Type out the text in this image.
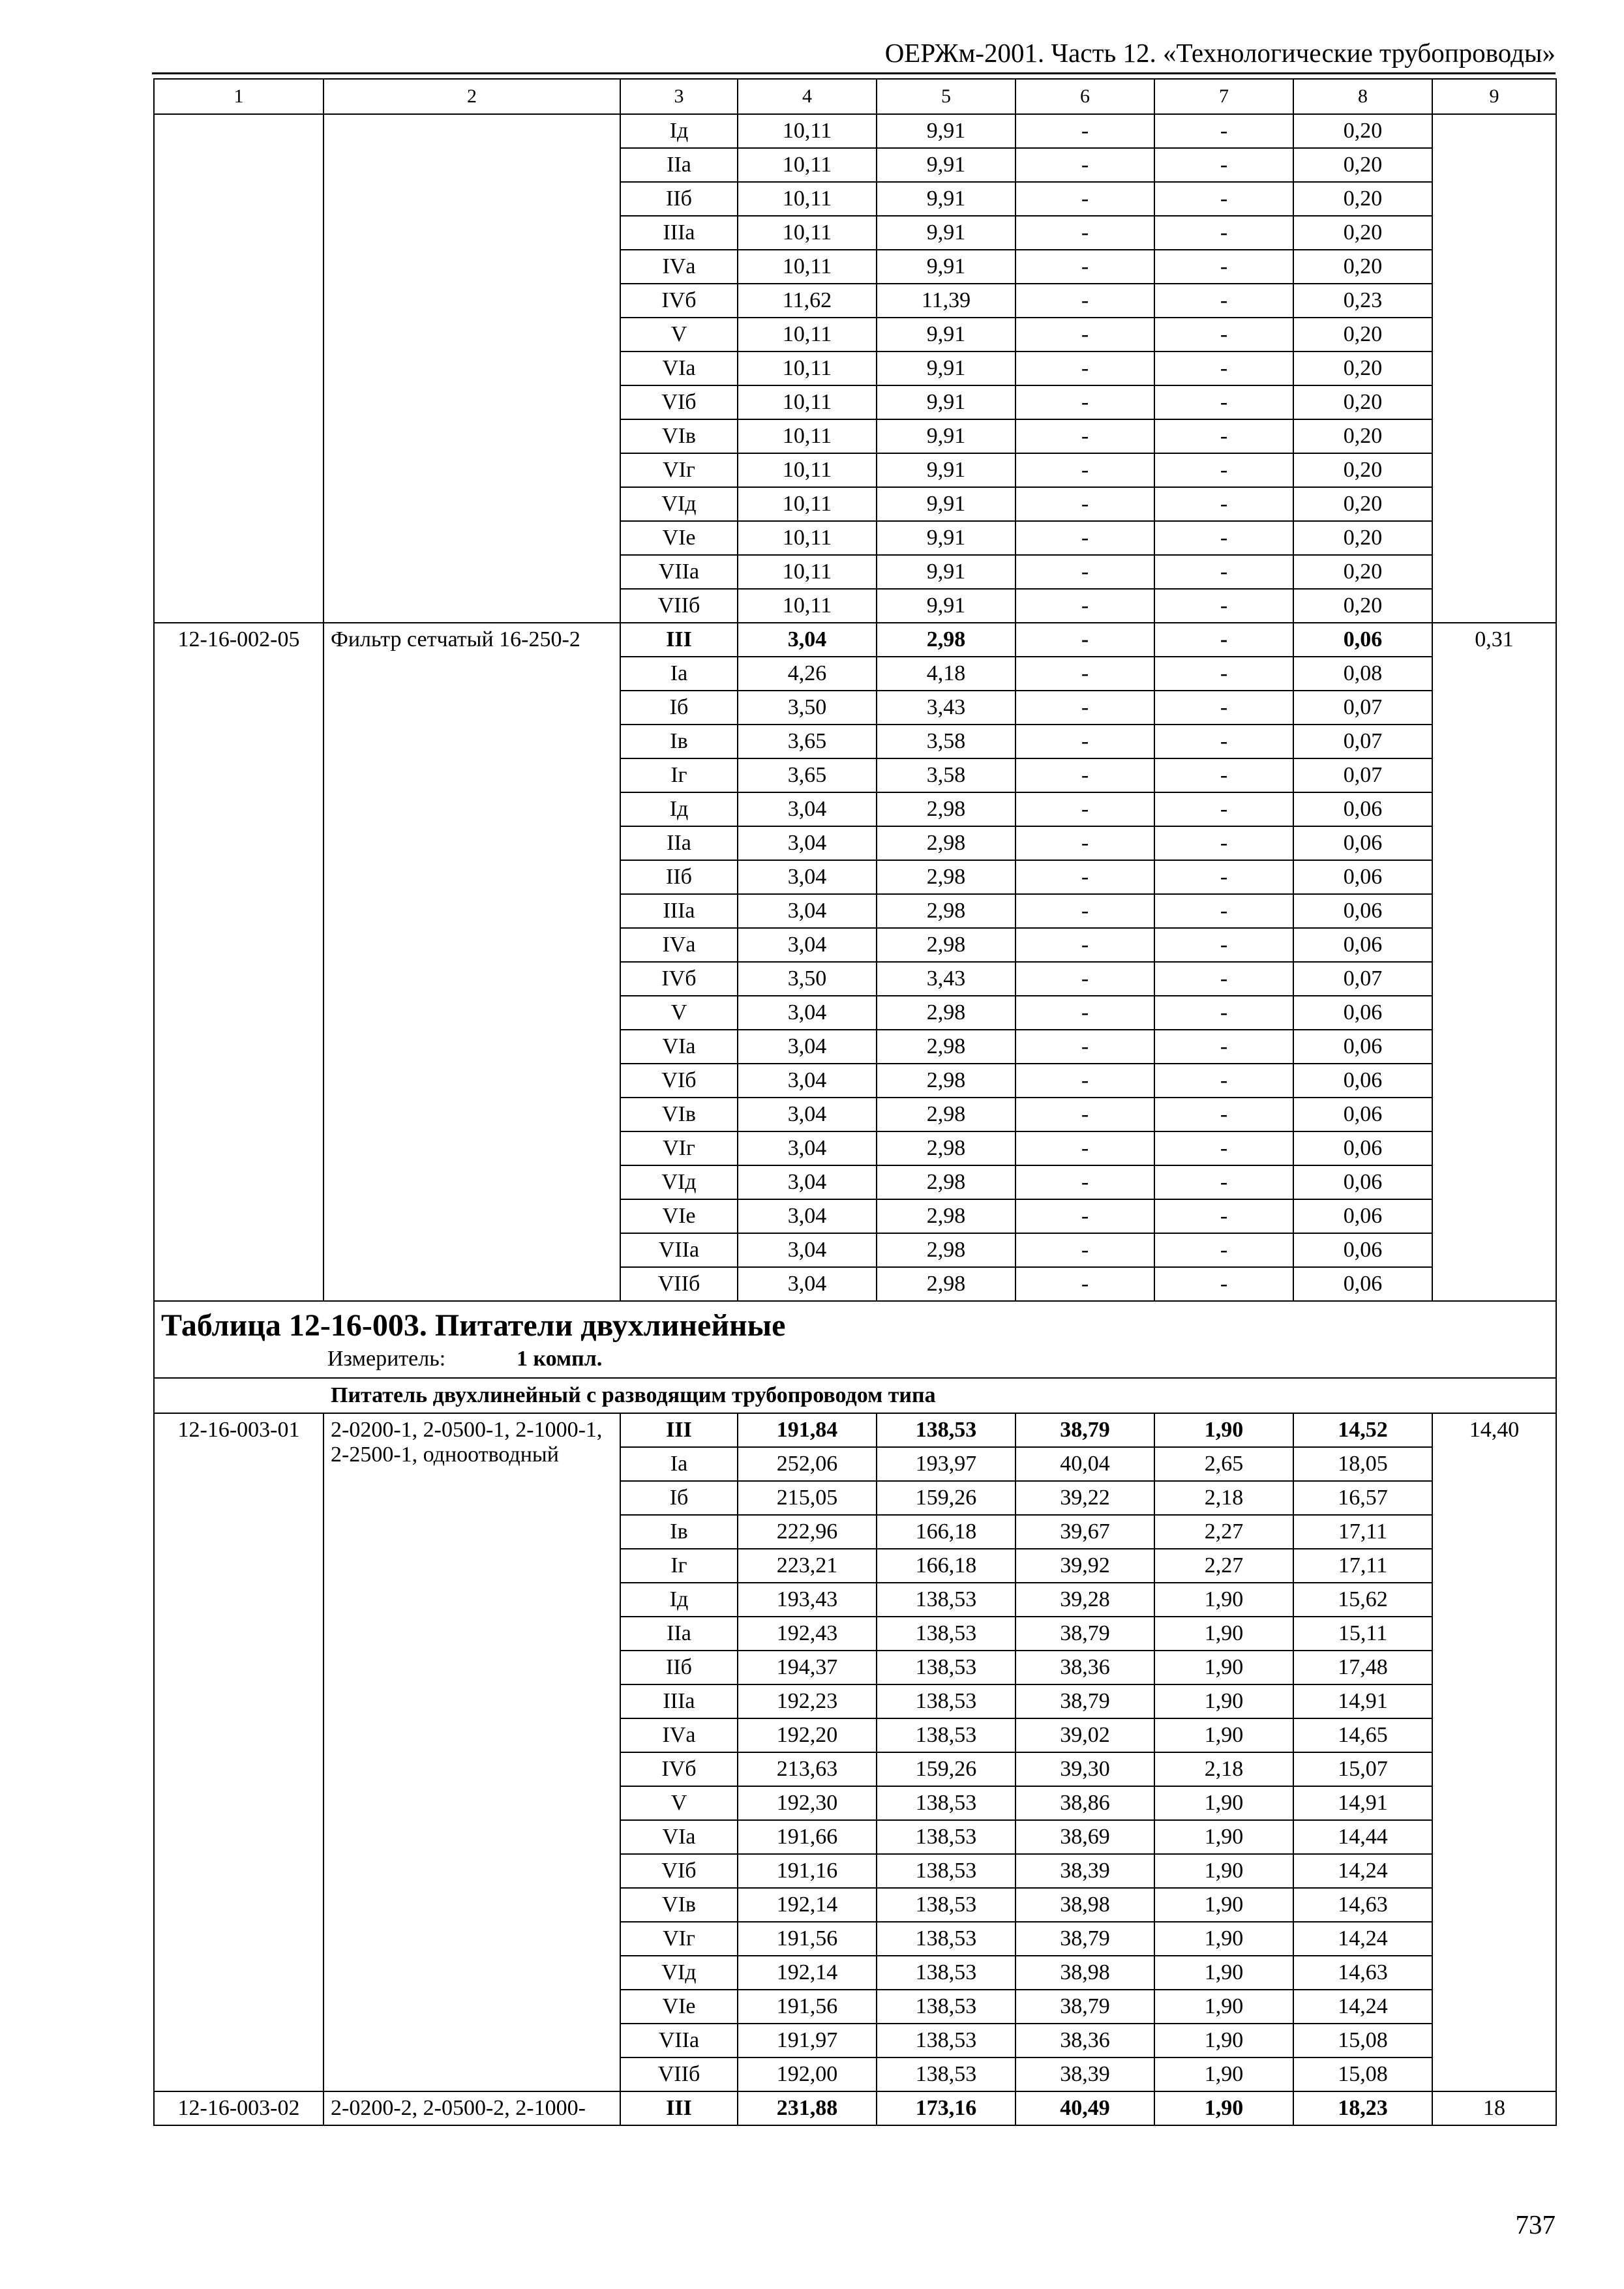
ОЕРЖм-2001. Часть 12. «Технологические трубопроводы»
1	2	3	4	5	6	7	8	9
		Iд	10,11	9,91	-	-	0,20	
		IIа	10,11	9,91	-	-	0,20	
		IIб	10,11	9,91	-	-	0,20	
		IIIа	10,11	9,91	-	-	0,20	
		IVа	10,11	9,91	-	-	0,20	
		IVб	11,62	11,39	-	-	0,23	
		V	10,11	9,91	-	-	0,20	
		VIа	10,11	9,91	-	-	0,20	
		VIб	10,11	9,91	-	-	0,20	
		VIв	10,11	9,91	-	-	0,20	
		VIг	10,11	9,91	-	-	0,20	
		VIд	10,11	9,91	-	-	0,20	
		VIе	10,11	9,91	-	-	0,20	
		VIIа	10,11	9,91	-	-	0,20	
		VIIб	10,11	9,91	-	-	0,20	
12-16-002-05	Фильтр сетчатый 16-250-2	III	3,04	2,98	-	-	0,06	0,31
		Iа	4,26	4,18	-	-	0,08	
		Iб	3,50	3,43	-	-	0,07	
		Iв	3,65	3,58	-	-	0,07	
		Iг	3,65	3,58	-	-	0,07	
		Iд	3,04	2,98	-	-	0,06	
		IIа	3,04	2,98	-	-	0,06	
		IIб	3,04	2,98	-	-	0,06	
		IIIа	3,04	2,98	-	-	0,06	
		IVа	3,04	2,98	-	-	0,06	
		IVб	3,50	3,43	-	-	0,07	
		V	3,04	2,98	-	-	0,06	
		VIа	3,04	2,98	-	-	0,06	
		VIб	3,04	2,98	-	-	0,06	
		VIв	3,04	2,98	-	-	0,06	
		VIг	3,04	2,98	-	-	0,06	
		VIд	3,04	2,98	-	-	0,06	
		VIе	3,04	2,98	-	-	0,06	
		VIIа	3,04	2,98	-	-	0,06	
		VIIб	3,04	2,98	-	-	0,06	

Таблица 12-16-003. Питатели двухлинейные
Измеритель: 1 компл.								

Питатель двухлинейный с разводящим трубопроводом типа								
12-16-003-01	2-0200-1, 2-0500-1, 2-1000-1, 2-2500-1, одноотводный	III	191,84	138,53	38,79	1,90	14,52	14,40
		Iа	252,06	193,97	40,04	2,65	18,05	
		Iб	215,05	159,26	39,22	2,18	16,57	
		Iв	222,96	166,18	39,67	2,27	17,11	
		Iг	223,21	166,18	39,92	2,27	17,11	
		Iд	193,43	138,53	39,28	1,90	15,62	
		IIа	192,43	138,53	38,79	1,90	15,11	
		IIб	194,37	138,53	38,36	1,90	17,48	
		IIIа	192,23	138,53	38,79	1,90	14,91	
		IVа	192,20	138,53	39,02	1,90	14,65	
		IVб	213,63	159,26	39,30	2,18	15,07	
		V	192,30	138,53	38,86	1,90	14,91	
		VIа	191,66	138,53	38,69	1,90	14,44	
		VIб	191,16	138,53	38,39	1,90	14,24	
		VIв	192,14	138,53	38,98	1,90	14,63	
		VIг	191,56	138,53	38,79	1,90	14,24	
		VIд	192,14	138,53	38,98	1,90	14,63	
		VIе	191,56	138,53	38,79	1,90	14,24	
		VIIа	191,97	138,53	38,36	1,90	15,08	
		VIIб	192,00	138,53	38,39	1,90	15,08	
12-16-003-02	2-0200-2, 2-0500-2, 2-1000-	III	231,88	173,16	40,49	1,90	18,23	18
737
